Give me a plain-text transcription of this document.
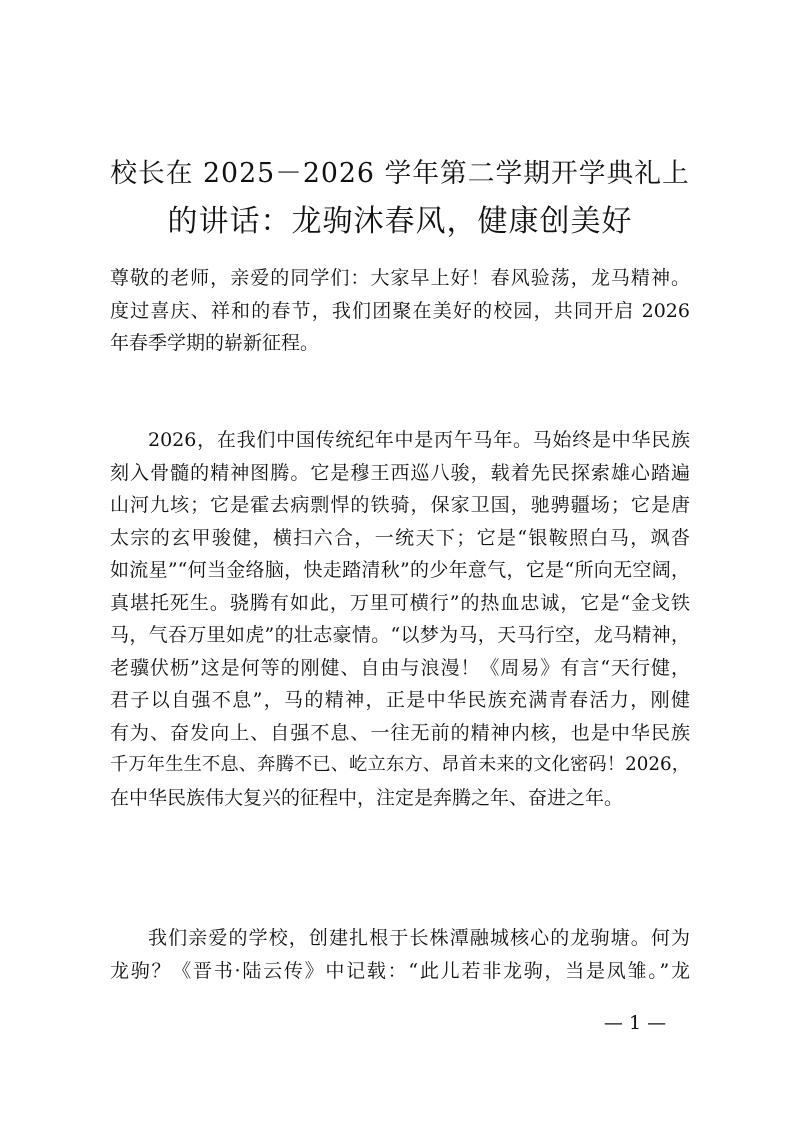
校长在 2025－2026 学年第二学期开学典礼上
的讲话：龙驹沐春风，健康创美好
尊敬的老师，亲爱的同学们：大家早上好！春风验荡，龙马精神。
度过喜庆、祥和的春节，我们团聚在美好的校园，共同开启 2026
年春季学期的崭新征程。
2026，在我们中国传统纪年中是丙午马年。马始终是中华民族
刻入骨髓的精神图腾。它是穆王西巡八骏，载着先民探索雄心踏遍
山河九垓；它是霍去病剽悍的铁骑，保家卫国，驰骋疆场；它是唐
太宗的玄甲骏健，横扫六合，一统天下；它是“银鞍照白马，飒沓
如流星”“何当金络脑，快走踏清秋”的少年意气，它是“所向无空阔，
真堪托死生。骁腾有如此，万里可横行”的热血忠诚，它是“金戈铁
马，气吞万里如虎”的壮志豪情。“以梦为马，天马行空，龙马精神，
老骥伏枥”这是何等的刚健、自由与浪漫！《周易》有言“天行健，
君子以自强不息”，马的精神，正是中华民族充满青春活力，刚健
有为、奋发向上、自强不息、一往无前的精神内核，也是中华民族
千万年生生不息、奔腾不已、屹立东方、昂首未来的文化密码！2026，
在中华民族伟大复兴的征程中，注定是奔腾之年、奋进之年。
我们亲爱的学校，创建扎根于长株潭融城核心的龙驹塘。何为
龙驹？《晋书·陆云传》中记载：“此儿若非龙驹，当是凤雏。”龙
— 1 —
